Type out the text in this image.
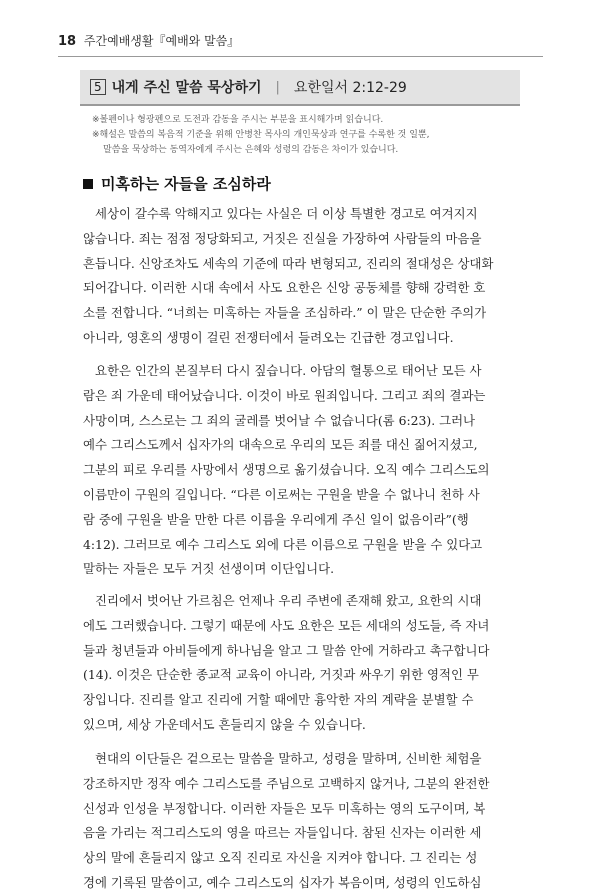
18 주간예배생활『예배와 말씀』
5 내게 주신 말씀 묵상하기 | 요한일서 2:12-29
※볼펜이나 형광펜으로 도전과 감동을 주시는 부분을 표시해가며 읽습니다.
※해설은 말씀의 복음적 기준을 위해 안병찬 목사의 개인묵상과 연구를 수록한 것 일뿐,
말씀을 묵상하는 동역자에게 주시는 은혜와 성령의 감동은 차이가 있습니다.
미혹하는 자들을 조심하라
세상이 갈수록 악해지고 있다는 사실은 더 이상 특별한 경고로 여겨지지
않습니다. 죄는 점점 정당화되고, 거짓은 진실을 가장하여 사람들의 마음을
흔듭니다. 신앙조차도 세속의 기준에 따라 변형되고, 진리의 절대성은 상대화
되어갑니다. 이러한 시대 속에서 사도 요한은 신앙 공동체를 향해 강력한 호
소를 전합니다. “너희는 미혹하는 자들을 조심하라.” 이 말은 단순한 주의가
아니라, 영혼의 생명이 걸린 전쟁터에서 들려오는 긴급한 경고입니다.
요한은 인간의 본질부터 다시 짚습니다. 아담의 혈통으로 태어난 모든 사
람은 죄 가운데 태어났습니다. 이것이 바로 원죄입니다. 그리고 죄의 결과는
사망이며, 스스로는 그 죄의 굴레를 벗어날 수 없습니다(롬 6:23). 그러나
예수 그리스도께서 십자가의 대속으로 우리의 모든 죄를 대신 짊어지셨고,
그분의 피로 우리를 사망에서 생명으로 옮기셨습니다. 오직 예수 그리스도의
이름만이 구원의 길입니다. “다른 이로써는 구원을 받을 수 없나니 천하 사
람 중에 구원을 받을 만한 다른 이름을 우리에게 주신 일이 없음이라”(행
4:12). 그러므로 예수 그리스도 외에 다른 이름으로 구원을 받을 수 있다고
말하는 자들은 모두 거짓 선생이며 이단입니다.
진리에서 벗어난 가르침은 언제나 우리 주변에 존재해 왔고, 요한의 시대
에도 그러했습니다. 그렇기 때문에 사도 요한은 모든 세대의 성도들, 즉 자녀
들과 청년들과 아비들에게 하나님을 알고 그 말씀 안에 거하라고 촉구합니다
(14). 이것은 단순한 종교적 교육이 아니라, 거짓과 싸우기 위한 영적인 무
장입니다. 진리를 알고 진리에 거할 때에만 흉악한 자의 계략을 분별할 수
있으며, 세상 가운데서도 흔들리지 않을 수 있습니다.
현대의 이단들은 겉으로는 말씀을 말하고, 성령을 말하며, 신비한 체험을
강조하지만 정작 예수 그리스도를 주님으로 고백하지 않거나, 그분의 완전한
신성과 인성을 부정합니다. 이러한 자들은 모두 미혹하는 영의 도구이며, 복
음을 가리는 적그리스도의 영을 따르는 자들입니다. 참된 신자는 이러한 세
상의 말에 흔들리지 않고 오직 진리로 자신을 지켜야 합니다. 그 진리는 성
경에 기록된 말씀이고, 예수 그리스도의 십자가 복음이며, 성령의 인도하심
